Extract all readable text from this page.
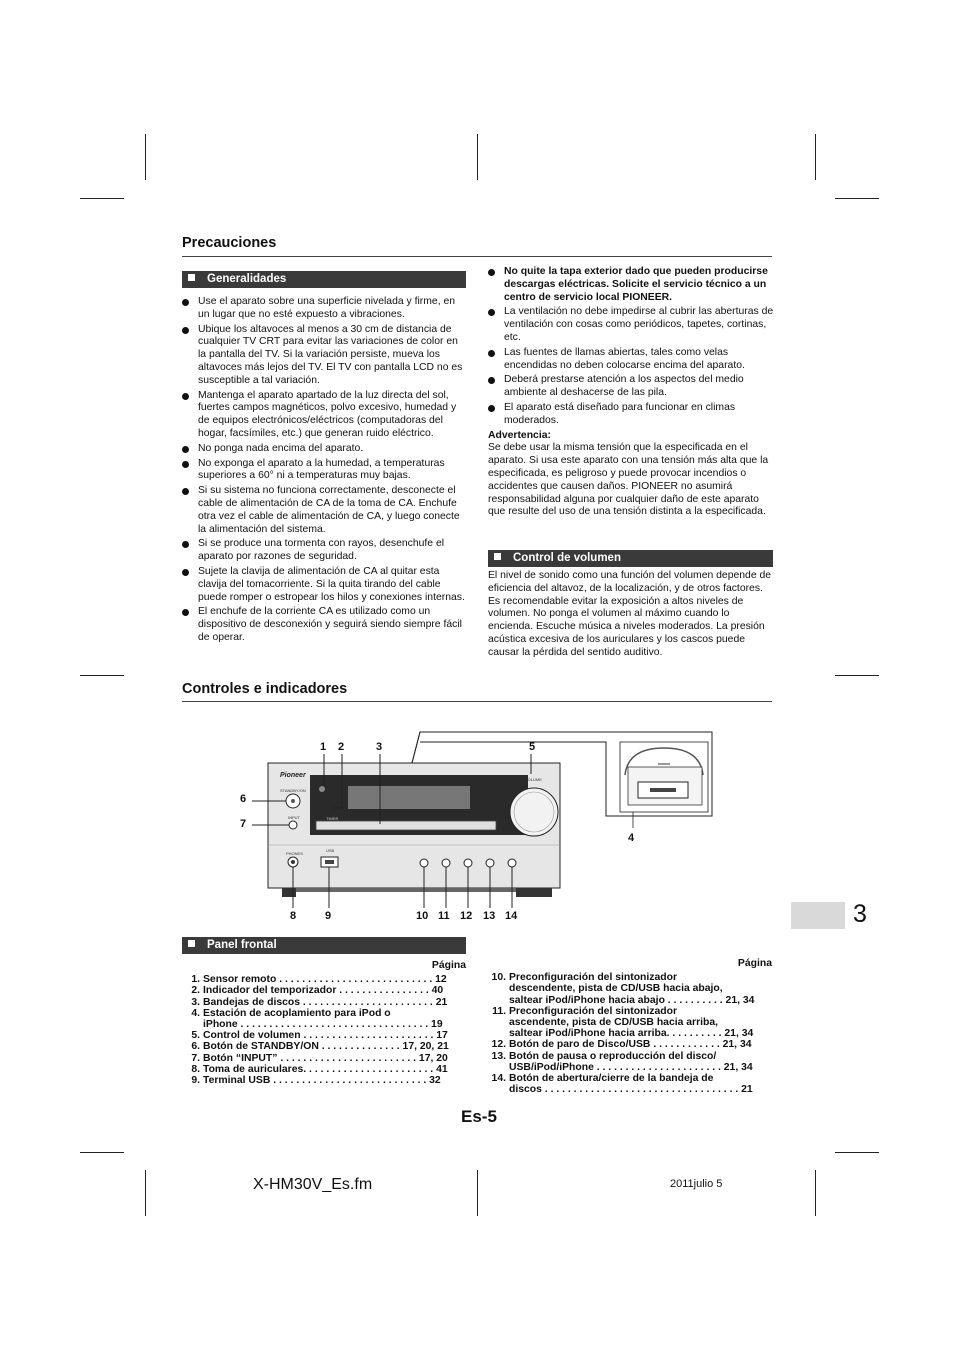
Precauciones
Generalidades
Use el aparato sobre una superficie nivelada y firme, en un lugar que no esté expuesto a vibraciones.
Ubique los altavoces al menos a 30 cm de distancia de cualquier TV CRT para evitar las variaciones de color en la pantalla del TV. Si la variación persiste, mueva los altavoces más lejos del TV. El TV con pantalla LCD no es susceptible a tal variación.
Mantenga el aparato apartado de la luz directa del sol, fuertes campos magnéticos, polvo excesivo, humedad y de equipos electrónicos/eléctricos (computadoras del hogar, facsímiles, etc.) que generan ruido eléctrico.
No ponga nada encima del aparato.
No exponga el aparato a la humedad, a temperaturas superiores a 60° ni a temperaturas muy bajas.
Si su sistema no funciona correctamente, desconecte el cable de alimentación de CA de la toma de CA. Enchufe otra vez el cable de alimentación de CA, y luego conecte la alimentación del sistema.
Si se produce una tormenta con rayos, desenchufe el aparato por razones de seguridad.
Sujete la clavija de alimentación de CA al quitar esta clavija del tomacorriente. Si la quita tirando del cable puede romper o estropear los hilos y conexiones internas.
El enchufe de la corriente CA es utilizado como un dispositivo de desconexión y seguirá siendo siempre fácil de operar.
No quite la tapa exterior dado que pueden producirse descargas eléctricas. Solicite el servicio técnico a un centro de servicio local PIONEER.
La ventilación no debe impedirse al cubrir las aberturas de ventilación con cosas como periódicos, tapetes, cortinas, etc.
Las fuentes de llamas abiertas, tales como velas encendidas no deben colocarse encima del aparato.
Deberá prestarse atención a los aspectos del medio ambiente al deshacerse de las pila.
El aparato está diseñado para funcionar en climas moderados.

Advertencia:

Se debe usar la misma tensión que la especificada en el aparato. Si usa este aparato con una tensión más alta que la especificada, es peligroso y puede provocar incendios o accidentes que causen daños. PIONEER no asumirá responsabilidad alguna por cualquier daño de este aparato que resulte del uso de una tensión distinta a la especificada.

Control de volumen

El nivel de sonido como una función del volumen depende de eficiencia del altavoz, de la localización, y de otros factores. Es recomendable evitar la exposición a altos niveles de volumen. No ponga el volumen al máximo cuando lo encienda. Escuche música a niveles moderados. La presión acústica excesiva de los auriculares y los cascos puede causar la pérdida del sentido auditivo.

Controles e indicadores
Pioneer
STANDBY/ON
INPUT
PHONES
USB
TIMER
VOLUME
1 2	3
4
5
6
7
8	9	10 11 12 13 14	3
Panel frontal
Página
1. Sensor remoto . . . . . . . . . . . . . . . . . . . . . . . . . . . 12
2. Indicador del temporizador . . . . . . . . . . . . . . . . 40
3. Bandejas de discos . . . . . . . . . . . . . . . . . . . . . . . 21
4. Estación de acoplamiento para iPod o
iPhone . . . . . . . . . . . . . . . . . . . . . . . . . . . . . . . . . 19
5. Control de volumen . . . . . . . . . . . . . . . . . . . . . . . 17
6. Botón de STANDBY/ON . . . . . . . . . . . . . . 17, 20, 21
7. Botón “INPUT” . . . . . . . . . . . . . . . . . . . . . . . . 17, 20
8. Toma de auriculares. . . . . . . . . . . . . . . . . . . . . . . 41
9. Terminal USB . . . . . . . . . . . . . . . . . . . . . . . . . . . 32
Página
10. Preconfiguración del sintonizador
descendente, pista de CD/USB hacia abajo,
saltear iPod/iPhone hacia abajo . . . . . . . . . . 21, 34
11. Preconfiguración del sintonizador
ascendente, pista de CD/USB hacia arriba,
saltear iPod/iPhone hacia arriba. . . . . . . . . . 21, 34
12. Botón de paro de Disco/USB . . . . . . . . . . . . 21, 34
13. Botón de pausa o reproducción del disco/
USB/iPod/iPhone . . . . . . . . . . . . . . . . . . . . . . 21, 34
14. Botón de abertura/cierre de la bandeja de
discos . . . . . . . . . . . . . . . . . . . . . . . . . . . . . . . . . . 21
Es-5
X-HM30V_Es.fm	2011julio 5
